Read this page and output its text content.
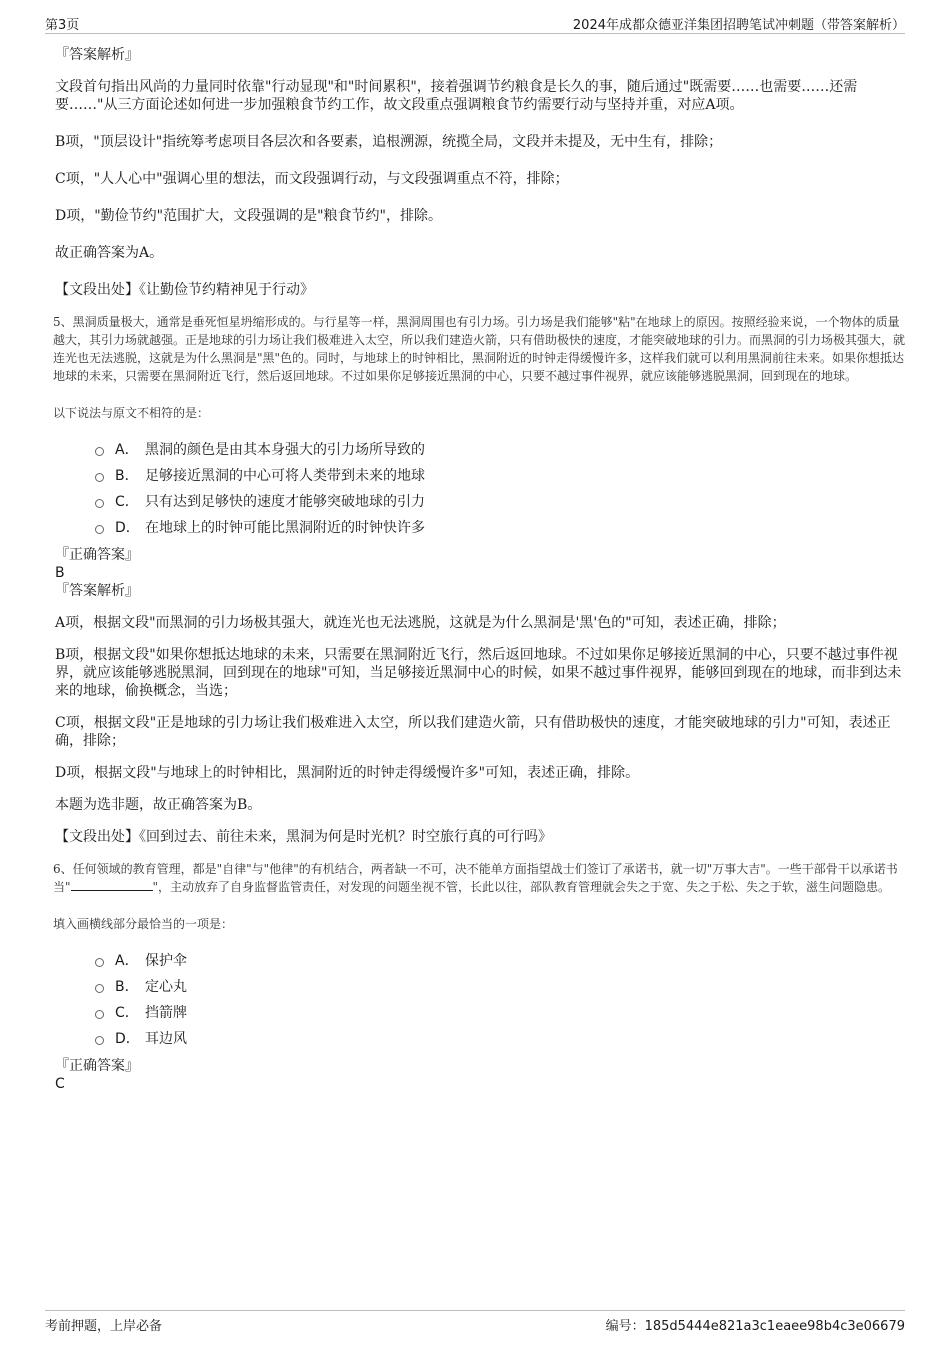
第3页	2024年成都众德亚洋集团招聘笔试冲刺题（带答案解析）
『答案解析』
文段首句指出风尚的力量同时依靠"行动显现"和"时间累积"，接着强调节约粮食是长久的事，随后通过"既需要……也需要……还需要……"从三方面论述如何进一步加强粮食节约工作，故文段重点强调粮食节约需要行动与坚持并重，对应A项。
B项，"顶层设计"指统筹考虑项目各层次和各要素，追根溯源，统揽全局，文段并未提及，无中生有，排除；
C项，"人人心中"强调心里的想法，而文段强调行动，与文段强调重点不符，排除；
D项，"勤俭节约"范围扩大，文段强调的是"粮食节约"，排除。
故正确答案为A。
【文段出处】《让勤俭节约精神见于行动》
5、黑洞质量极大，通常是垂死恒星坍缩形成的。与行星等一样，黑洞周围也有引力场。引力场是我们能够"粘"在地球上的原因。按照经验来说，一个物体的质量越大，其引力场就越强。正是地球的引力场让我们极难进入太空，所以我们建造火箭，只有借助极快的速度，才能突破地球的引力。而黑洞的引力场极其强大，就连光也无法逃脱，这就是为什么黑洞是"黑"色的。同时，与地球上的时钟相比，黑洞附近的时钟走得缓慢许多，这样我们就可以利用黑洞前往未来。如果你想抵达地球的未来，只需要在黑洞附近飞行，然后返回地球。不过如果你足够接近黑洞的中心，只要不越过事件视界，就应该能够逃脱黑洞，回到现在的地球。
以下说法与原文不相符的是：
A． 黑洞的颜色是由其本身强大的引力场所导致的
B． 足够接近黑洞的中心可将人类带到未来的地球
C． 只有达到足够快的速度才能够突破地球的引力
D． 在地球上的时钟可能比黑洞附近的时钟快许多
『正确答案』
B
『答案解析』
A项，根据文段"而黑洞的引力场极其强大，就连光也无法逃脱，这就是为什么黑洞是'黑'色的"可知，表述正确，排除；
B项，根据文段"如果你想抵达地球的未来，只需要在黑洞附近飞行，然后返回地球。不过如果你足够接近黑洞的中心，只要不越过事件视界，就应该能够逃脱黑洞，回到现在的地球"可知，当足够接近黑洞中心的时候，如果不越过事件视界，能够回到现在的地球，而非到达未来的地球，偷换概念，当选；
C项，根据文段"正是地球的引力场让我们极难进入太空，所以我们建造火箭，只有借助极快的速度，才能突破地球的引力"可知，表述正确，排除；
D项，根据文段"与地球上的时钟相比，黑洞附近的时钟走得缓慢许多"可知，表述正确，排除。
本题为选非题，故正确答案为B。
【文段出处】《回到过去、前往未来，黑洞为何是时光机？时空旅行真的可行吗》
6、任何领域的教育管理，都是"自律"与"他律"的有机结合，两者缺一不可，决不能单方面指望战士们签订了承诺书，就一切"万事大吉"。一些干部骨干以承诺书当"	"，主动放弃了自身监督监管责任，对发现的问题坐视不管，长此以往，部队教育管理就会失之于宽、失之于松、失之于软，滋生问题隐患。
填入画横线部分最恰当的一项是：
A． 保护伞
B． 定心丸
C． 挡箭牌
D． 耳边风
『正确答案』
C
考前押题，上岸必备	编号：185d5444e821a3c1eaee98b4c3e06679
